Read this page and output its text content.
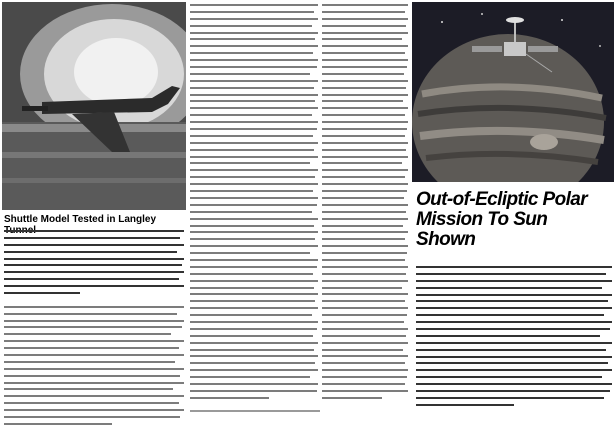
Shuttle Model Tested in Langley
Out-of-Ecliptic Polar Mission To Sun Shown
